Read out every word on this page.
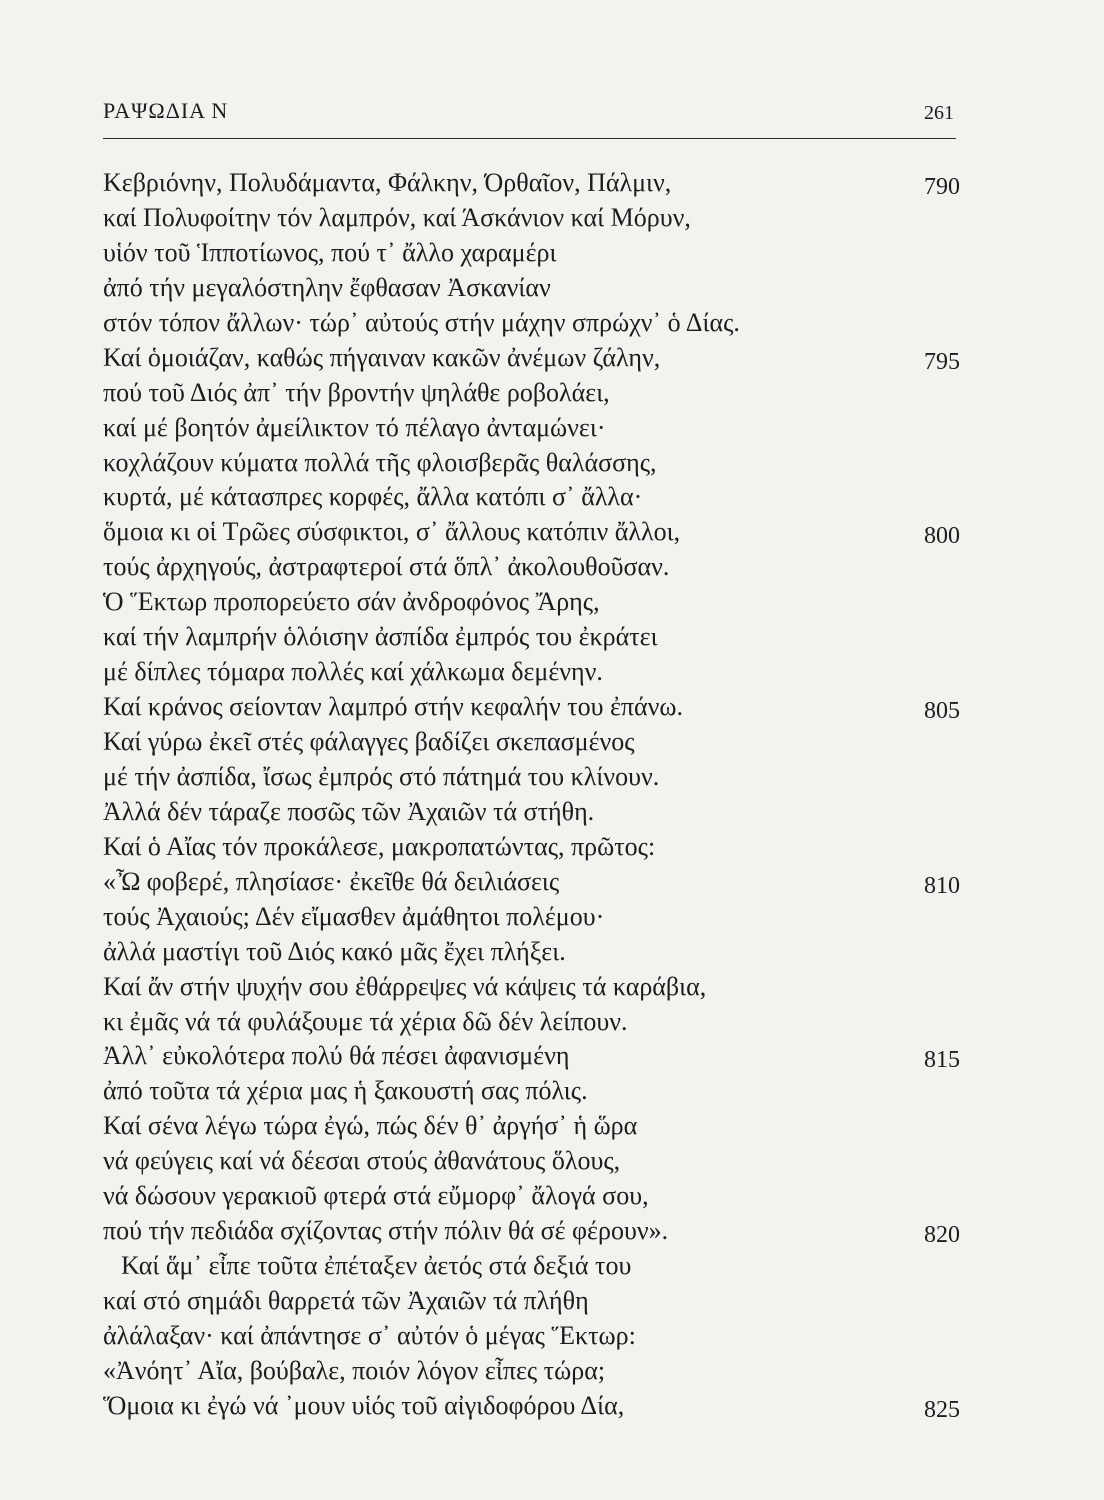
ΡΑΨΩΔΙΑ Ν	261
Κεβριόνην, Πολυδάμαντα, Φάλκην, Όρθαῖον, Πάλμιν,	790
καί Πολυφοίτην τόν λαμπρόν, καί Άσκάνιον καί Μόρυν,
υἱόν τοῦ Ἱπποτίωνος, πού τ᾽ ἄλλο χαραμέρι
ἀπό τήν μεγαλόστηλην ἔφθασαν Ἀσκανίαν
στόν τόπον ἄλλων· τώρ᾽ αὐτούς στήν μάχην σπρώχν᾽ ὁ Δίας.
Καί ὁμοιάζαν, καθώς πήγαιναν κακῶν ἀνέμων ζάλην,	795
πού τοῦ Διός ἀπ᾽ τήν βροντήν ψηλάθε ροβολάει,
καί μέ βοητόν ἀμείλικτον τό πέλαγο ἀνταμώνει·
κοχλάζουν κύματα πολλά τῆς φλοισβερᾶς θαλάσσης,
κυρτά, μέ κάτασπρες κορφές, ἄλλα κατόπι σ᾽ ἄλλα·
ὅμοια κι οἱ Τρῶες σύσφικτοι, σ᾽ ἄλλους κατόπιν ἄλλοι,	800
τούς ἀρχηγούς, ἀστραφτεροί στά ὅπλ᾽ ἀκολουθοῦσαν.
Ὁ Ἕκτωρ προπορεύετο σάν ἀνδροφόνος Ἄρης,
καί τήν λαμπρήν ὁλόισην ἀσπίδα ἐμπρός του ἐκράτει
μέ δίπλες τόμαρα πολλές καί χάλκωμα δεμένην.
Καί κράνος σείονταν λαμπρό στήν κεφαλήν του ἐπάνω.	805
Καί γύρω ἐκεῖ στές φάλαγγες βαδίζει σκεπασμένος
μέ τήν ἀσπίδα, ἴσως ἐμπρός στό πάτημά του κλίνουν.
Ἀλλά δέν τάραζε ποσῶς τῶν Ἀχαιῶν τά στήθη.
Καί ὁ Αἴας τόν προκάλεσε, μακροπατώντας, πρῶτος:
«Ὦ φοβερέ, πλησίασε· ἐκεῖθε θά δειλιάσεις	810
τούς Ἀχαιούς; Δέν εἴμασθεν ἀμάθητοι πολέμου·
ἀλλά μαστίγι τοῦ Διός κακό μᾶς ἔχει πλήξει.
Καί ἄν στήν ψυχήν σου ἐθάρρεψες νά κάψεις τά καράβια,
κι ἐμᾶς νά τά φυλάξουμε τά χέρια δῶ δέν λείπουν.
Ἀλλ᾽ εὐκολότερα πολύ θά πέσει ἀφανισμένη	815
ἀπό τοῦτα τά χέρια μας ἡ ξακουστή σας πόλις.
Καί σένα λέγω τώρα ἐγώ, πώς δέν θ᾽ ἀργήσ᾽ ἡ ὥρα
νά φεύγεις καί νά δέεσαι στούς ἀθανάτους ὅλους,
νά δώσουν γερακιοῦ φτερά στά εὔμορφ᾽ ἄλογά σου,
πού τήν πεδιάδα σχίζοντας στήν πόλιν θά σέ φέρουν».	820
Καί ἅμ᾽ εἶπε τοῦτα ἐπέταξεν ἀετός στά δεξιά του
καί στό σημάδι θαρρετά τῶν Ἀχαιῶν τά πλήθη
ἀλάλαξαν· καί ἀπάντησε σ᾽ αὐτόν ὁ μέγας Ἕκτωρ:
«Ἀνόητ᾽ Αἴα, βούβαλε, ποιόν λόγον εἶπες τώρα;
Ὅμοια κι ἐγώ νά ᾽μουν υἱός τοῦ αἰγιδοφόρου Δία,	825
